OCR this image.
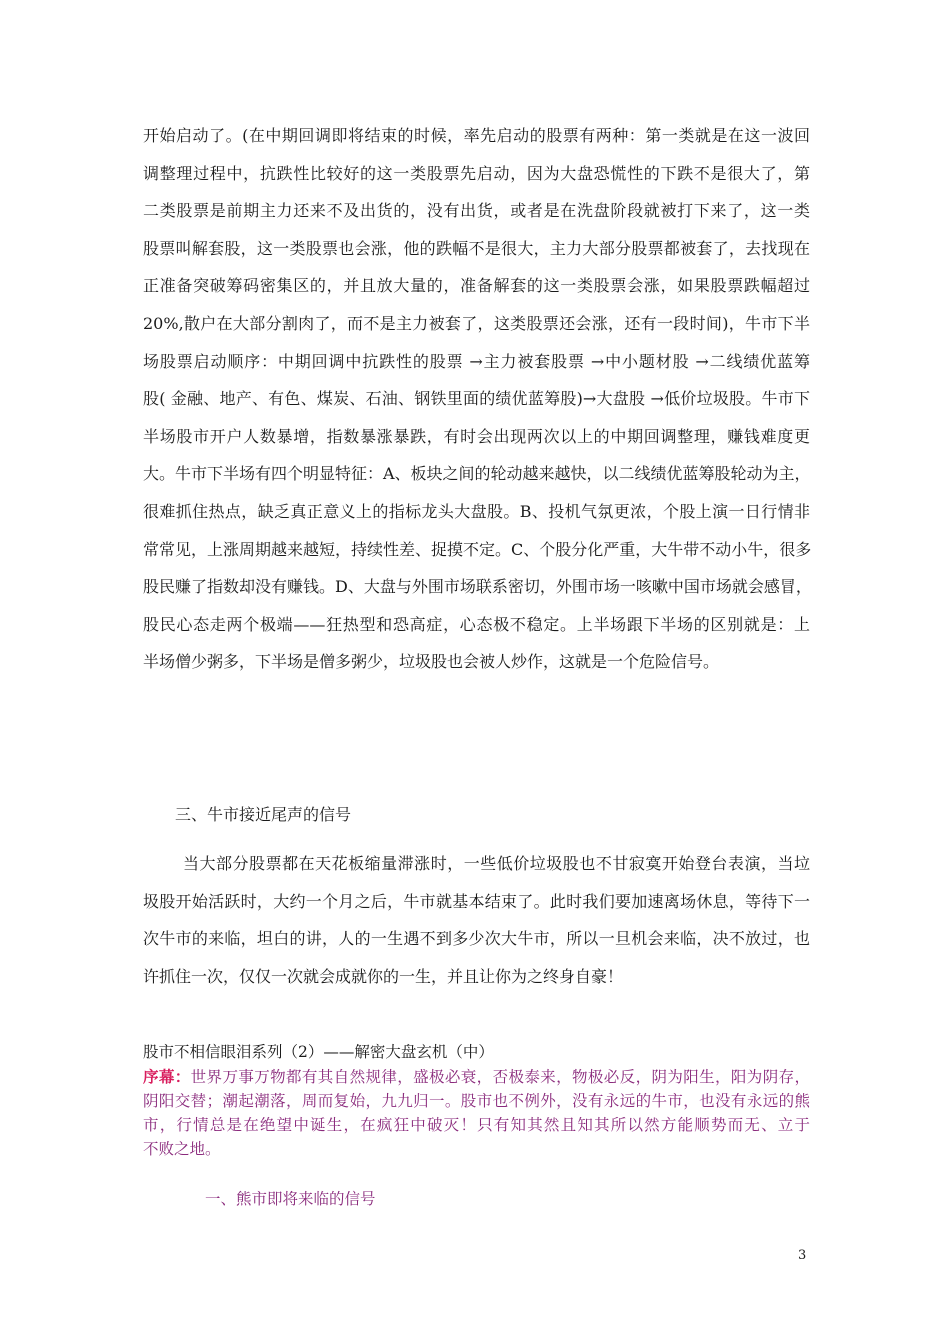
开始启动了。(在中期回调即将结束的时候，率先启动的股票有两种：第一类就是在这一波回
调整理过程中，抗跌性比较好的这一类股票先启动，因为大盘恐慌性的下跌不是很大了，第
二类股票是前期主力还来不及出货的，没有出货，或者是在洗盘阶段就被打下来了，这一类
股票叫解套股，这一类股票也会涨，他的跌幅不是很大，主力大部分股票都被套了，去找现在
正准备突破筹码密集区的，并且放大量的，准备解套的这一类股票会涨，如果股票跌幅超过
20%,散户在大部分割肉了，而不是主力被套了，这类股票还会涨，还有一段时间)，牛市下半
场股票启动顺序：中期回调中抗跌性的股票 →主力被套股票 →中小题材股 →二线绩优蓝筹
股( 金融、地产、有色、煤炭、石油、钢铁里面的绩优蓝筹股)→大盘股 →低价垃圾股。牛市下
半场股市开户人数暴增，指数暴涨暴跌，有时会出现两次以上的中期回调整理，赚钱难度更
大。牛市下半场有四个明显特征：A、板块之间的轮动越来越快，以二线绩优蓝筹股轮动为主，
很难抓住热点，缺乏真正意义上的指标龙头大盘股。B、投机气氛更浓，个股上演一日行情非
常常见，上涨周期越来越短，持续性差、捉摸不定。C、个股分化严重，大牛带不动小牛，很多
股民赚了指数却没有赚钱。D、大盘与外围市场联系密切，外围市场一咳嗽中国市场就会感冒，
股民心态走两个极端——狂热型和恐高症，心态极不稳定。上半场跟下半场的区别就是：上
半场僧少粥多，下半场是僧多粥少，垃圾股也会被人炒作，这就是一个危险信号。

三、牛市接近尾声的信号

当大部分股票都在天花板缩量滞涨时，一些低价垃圾股也不甘寂寞开始登台表演，当垃
圾股开始活跃时，大约一个月之后，牛市就基本结束了。此时我们要加速离场休息，等待下一
次牛市的来临，坦白的讲，人的一生遇不到多少次大牛市，所以一旦机会来临，决不放过，也
许抓住一次，仅仅一次就会成就你的一生，并且让你为之终身自豪！

股市不相信眼泪系列（2）——解密大盘玄机（中）

序幕：世界万事万物都有其自然规律，盛极必衰，否极泰来，物极必反，阴为阳生，阳为阴存，
阴阳交替；潮起潮落，周而复始，九九归一。股市也不例外，没有永远的牛市，也没有永远的熊
市，行情总是在绝望中诞生，在疯狂中破灭！只有知其然且知其所以然方能顺势而无、立于
不败之地。

一、熊市即将来临的信号

3
